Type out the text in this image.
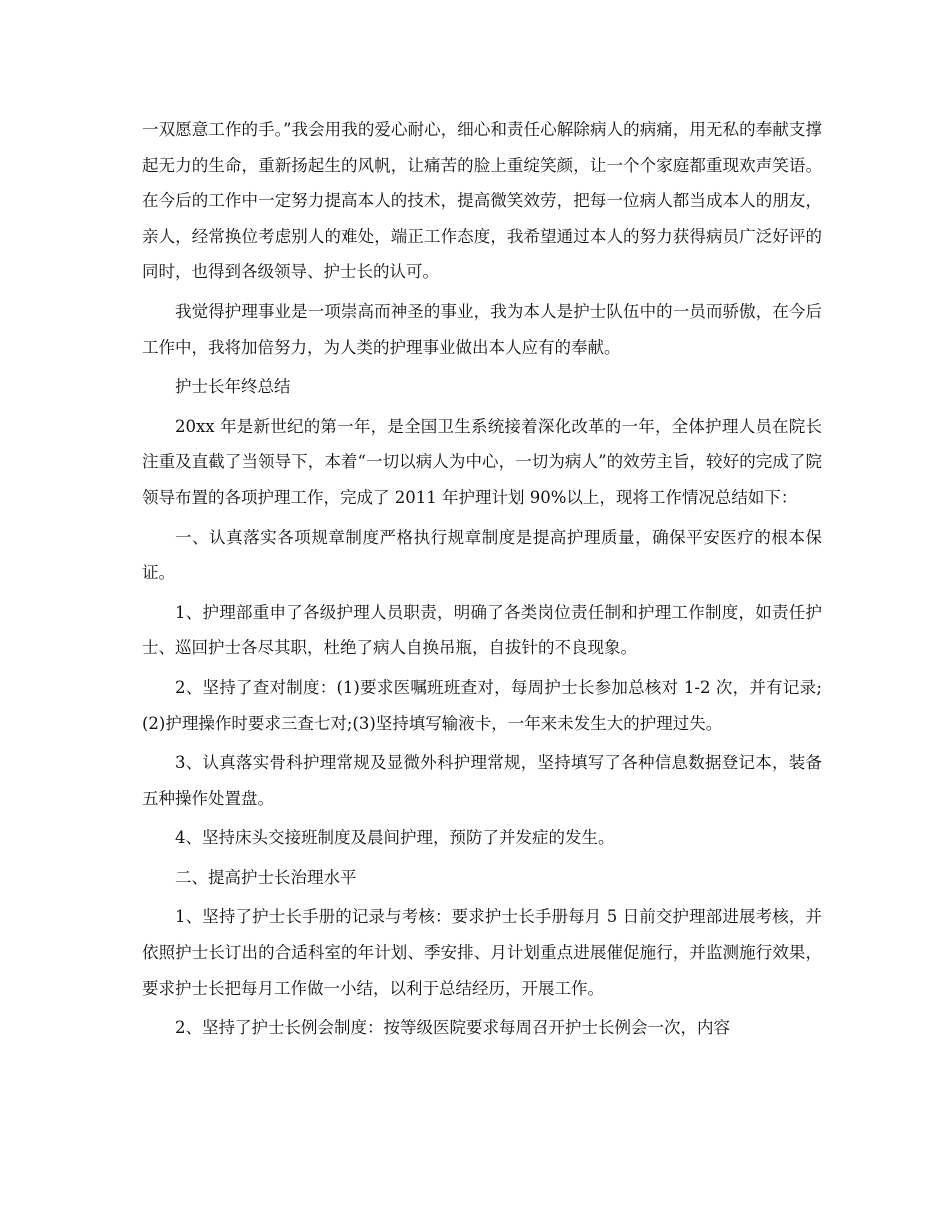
一双愿意工作的手。”我会用我的爱心耐心，细心和责任心解除病人的病痛，用无私的奉献支撑起无力的生命，重新扬起生的风帆，让痛苦的脸上重绽笑颜，让一个个家庭都重现欢声笑语。在今后的工作中一定努力提高本人的技术，提高微笑效劳，把每一位病人都当成本人的朋友，亲人，经常换位考虑别人的难处，端正工作态度，我希望通过本人的努力获得病员广泛好评的同时，也得到各级领导、护士长的认可。

我觉得护理事业是一项崇高而神圣的事业，我为本人是护士队伍中的一员而骄傲，在今后工作中，我将加倍努力，为人类的护理事业做出本人应有的奉献。

护士长年终总结

20xx 年是新世纪的第一年，是全国卫生系统接着深化改革的一年，全体护理人员在院长注重及直截了当领导下，本着“一切以病人为中心，一切为病人”的效劳主旨，较好的完成了院领导布置的各项护理工作，完成了 2011 年护理计划 90%以上，现将工作情况总结如下：

一、认真落实各项规章制度严格执行规章制度是提高护理质量，确保平安医疗的根本保证。

1、护理部重申了各级护理人员职责，明确了各类岗位责任制和护理工作制度，如责任护士、巡回护士各尽其职，杜绝了病人自换吊瓶，自拔针的不良现象。

2、坚持了查对制度：(1)要求医嘱班班查对，每周护士长参加总核对 1-2 次，并有记录;(2)护理操作时要求三查七对;(3)坚持填写输液卡，一年来未发生大的护理过失。

3、认真落实骨科护理常规及显微外科护理常规，坚持填写了各种信息数据登记本，装备五种操作处置盘。

4、坚持床头交接班制度及晨间护理，预防了并发症的发生。

二、提高护士长治理水平

1、坚持了护士长手册的记录与考核：要求护士长手册每月 5 日前交护理部进展考核，并依照护士长订出的合适科室的年计划、季安排、月计划重点进展催促施行，并监测施行效果，要求护士长把每月工作做一小结，以利于总结经历，开展工作。

2、坚持了护士长例会制度：按等级医院要求每周召开护士长例会一次，内容
